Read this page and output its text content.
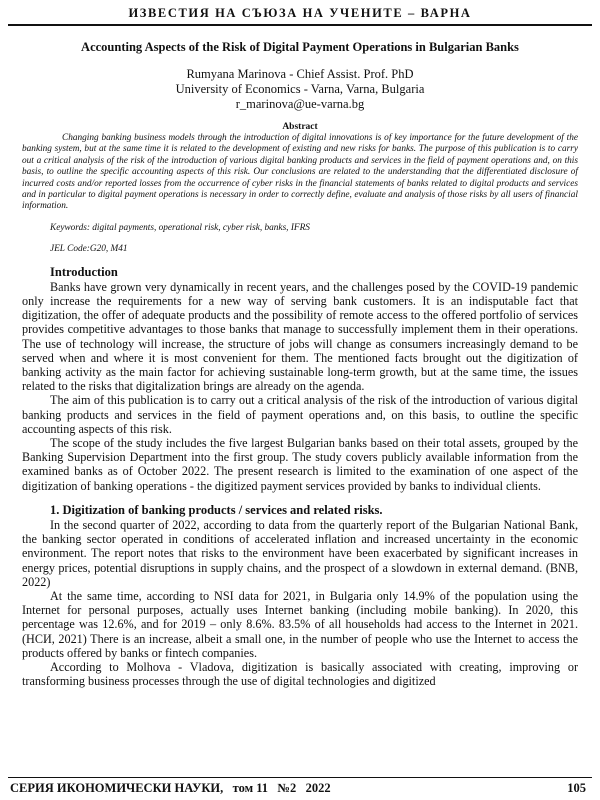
ИЗВЕСТИЯ НА СЪЮЗА НА УЧЕНИТЕ – ВАРНА
Accounting Aspects of the Risk of Digital Payment Operations in Bulgarian Banks
Rumyana Marinova - Chief Assist. Prof. PhD
University of Economics - Varna, Varna, Bulgaria
r_marinova@ue-varna.bg
Abstract

Changing banking business models through the introduction of digital innovations is of key importance for the future development of the banking system, but at the same time it is related to the development of existing and new risks for banks. The purpose of this publication is to carry out a critical analysis of the risk of the introduction of various digital banking products and services in the field of payment operations and, on this basis, to outline the specific accounting aspects of this risk. Our conclusions are related to the understanding that the differentiated disclosure of incurred costs and/or reported losses from the occurrence of cyber risks in the financial statements of banks related to digital products and services and in particular to digital payment operations is necessary in order to correctly define, evaluate and analysis of those risks by all users of financial information.

Keywords: digital payments, operational risk, cyber risk, banks, IFRS
JEL Code:G20, M41
Introduction

Banks have grown very dynamically in recent years, and the challenges posed by the COVID-19 pandemic only increase the requirements for a new way of serving bank customers. It is an indisputable fact that digitization, the offer of adequate products and the possibility of remote access to the offered portfolio of services provides competitive advantages to those banks that manage to successfully implement them in their operations. The use of technology will increase, the structure of jobs will change as consumers increasingly demand to be served when and where it is most convenient for them. The mentioned facts brought out the digitization of banking activity as the main factor for achieving sustainable long-term growth, but at the same time, the issues related to the risks that digitalization brings are already on the agenda.

The aim of this publication is to carry out a critical analysis of the risk of the introduction of various digital banking products and services in the field of payment operations and, on this basis, to outline the specific accounting aspects of this risk.

The scope of the study includes the five largest Bulgarian banks based on their total assets, grouped by the Banking Supervision Department into the first group. The study covers publicly available information from the examined banks as of October 2022. The present research is limited to the examination of one aspect of the digitization of banking operations - the digitized payment services provided by banks to individual clients.

1. Digitization of banking products / services and related risks.

In the second quarter of 2022, according to data from the quarterly report of the Bulgarian National Bank, the banking sector operated in conditions of accelerated inflation and increased uncertainty in the economic environment. The report notes that risks to the environment have been exacerbated by significant increases in energy prices, potential disruptions in supply chains, and the prospect of a slowdown in external demand. (BNB, 2022)

At the same time, according to NSI data for 2021, in Bulgaria only 14.9% of the population using the Internet for personal purposes, actually uses Internet banking (including mobile banking). In 2020, this percentage was 12.6%, and for 2019 – only 8.6%. 83.5% of all households had access to the Internet in 2021. (НСИ, 2021) There is an increase, albeit a small one, in the number of people who use the Internet to access the products offered by banks or fintech companies.

According to Molhova - Vladova, digitization is basically associated with creating, improving or transforming business processes through the use of digital technologies and digitized

СЕРИЯ ИКОНОМИЧЕСКИ НАУКИ,   том 11   №2   2022	105
